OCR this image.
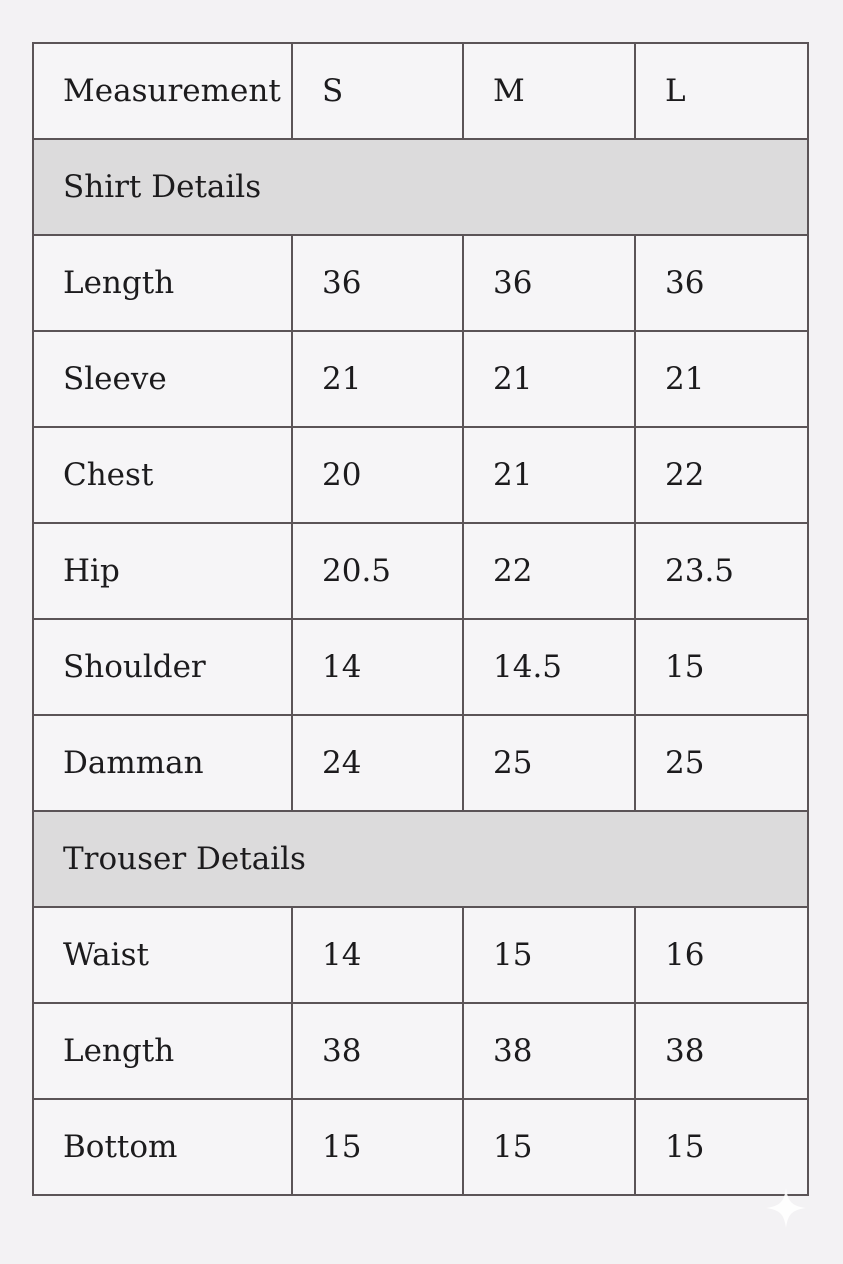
Measurement	S	M	L
Shirt Details			
Length	36	36	36
Sleeve	21	21	21
Chest	20	21	22
Hip	20.5	22	23.5
Shoulder	14	14.5	15
Damman	24	25	25
Trouser Details			
Waist	14	15	16
Length	38	38	38
Bottom	15	15	15
